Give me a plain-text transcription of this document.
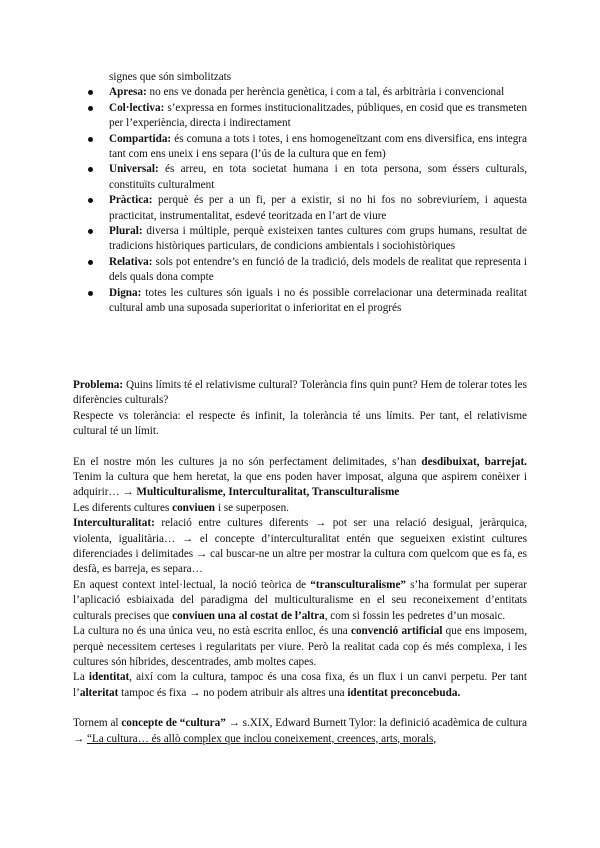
signes que són simbolitzats
Apresa: no ens ve donada per herència genètica, i com a tal, és arbitrària i convencional
Col·lectiva: s’expressa en formes institucionalitzades, públiques, en cosid que es transmeten per l’experiència, directa i indirectament
Compartida: és comuna a tots i totes, i ens homogeneïtzant com ens diversifica, ens integra tant com ens uneix i ens separa (l’ús de la cultura que en fem)
Universal: és arreu, en tota societat humana i en tota persona, som éssers culturals, constituïts culturalment
Pràctica: perquè és per a un fi, per a existir, si no hi fos no sobreviuríem, i aquesta practicitat, instrumentalitat, esdevé teoritzada en l’art de viure
Plural: diversa i múltiple, perquè existeixen tantes cultures com grups humans, resultat de tradicions històriques particulars, de condicions ambientals i sociohistòriques
Relativa: sols pot entendre’s en funció de la tradició, dels models de realitat que representa i dels quals dona compte
Digna: totes les cultures són iguals i no és possible correlacionar una determinada realitat cultural amb una suposada superioritat o inferioritat en el progrés

Problema: Quins límits té el relativisme cultural? Tolerància fins quin punt? Hem de tolerar totes les diferències culturals?

Respecte vs tolerància: el respecte és infinit, la tolerància té uns límits. Per tant, el relativisme cultural té un límit.

En el nostre món les cultures ja no són perfectament delimitades, s’han desdibuixat, barrejat. Tenim la cultura que hem heretat, la que ens poden haver imposat, alguna que aspirem conèixer i adquirir… → Multiculturalisme, Interculturalitat, Transculturalisme

Les diferents cultures conviuen i se superposen.

Interculturalitat: relació entre cultures diferents → pot ser una relació desigual, jeràrquica, violenta, igualitària… → el concepte d’interculturalitat entén que segueixen existint cultures diferenciades i delimitades → cal buscar-ne un altre per mostrar la cultura com quelcom que es fa, es desfà, es barreja, es separa…

En aquest context intel·lectual, la noció teòrica de “transculturalisme” s’ha formulat per superar l’aplicació esbiaixada del paradigma del multiculturalisme en el seu reconeixement d’entitats culturals precises que conviuen una al costat de l’altra, com si fossin les pedretes d’un mosaic.

La cultura no és una única veu, no està escrita enlloc, és una convenció artificial que ens imposem, perquè necessitem certeses i regularitats per viure. Però la realitat cada cop és més complexa, i les cultures són híbrides, descentrades, amb moltes capes.

La identitat, així com la cultura, tampoc és una cosa fixa, és un flux i un canvi perpetu. Per tant l’alteritat tampoc és fixa → no podem atribuir als altres una identitat preconcebuda.

Tornem al concepte de “cultura” → s.XIX, Edward Burnett Tylor: la definició acadèmica de cultura → “La cultura… és allò complex que inclou coneixement, creences, arts, morals,
